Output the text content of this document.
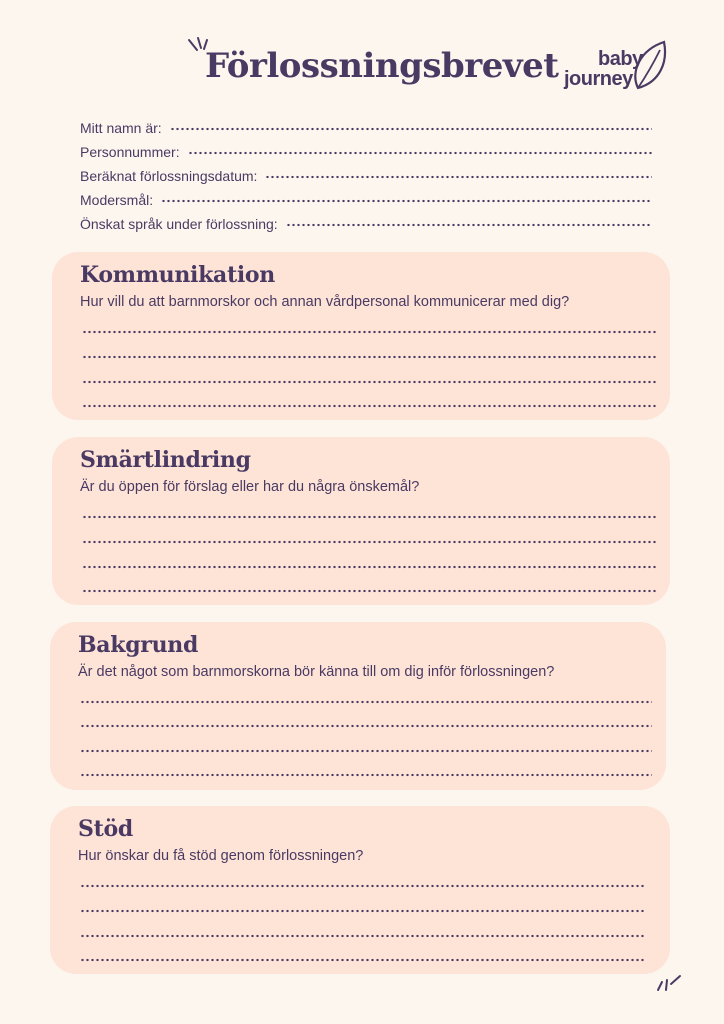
Förlossningsbrevet baby
journey
Mitt namn är:
Personnummer:
Beräknat förlossningsdatum:
Modersmål:
Önskat språk under förlossning:
Kommunikation
Hur vill du att barnmorskor och annan vårdpersonal kommunicerar med dig?
Smärtlindring
Är du öppen för förslag eller har du några önskemål?
Bakgrund
Är det något som barnmorskorna bör känna till om dig inför förlossningen?
Stöd
Hur önskar du få stöd genom förlossningen?
